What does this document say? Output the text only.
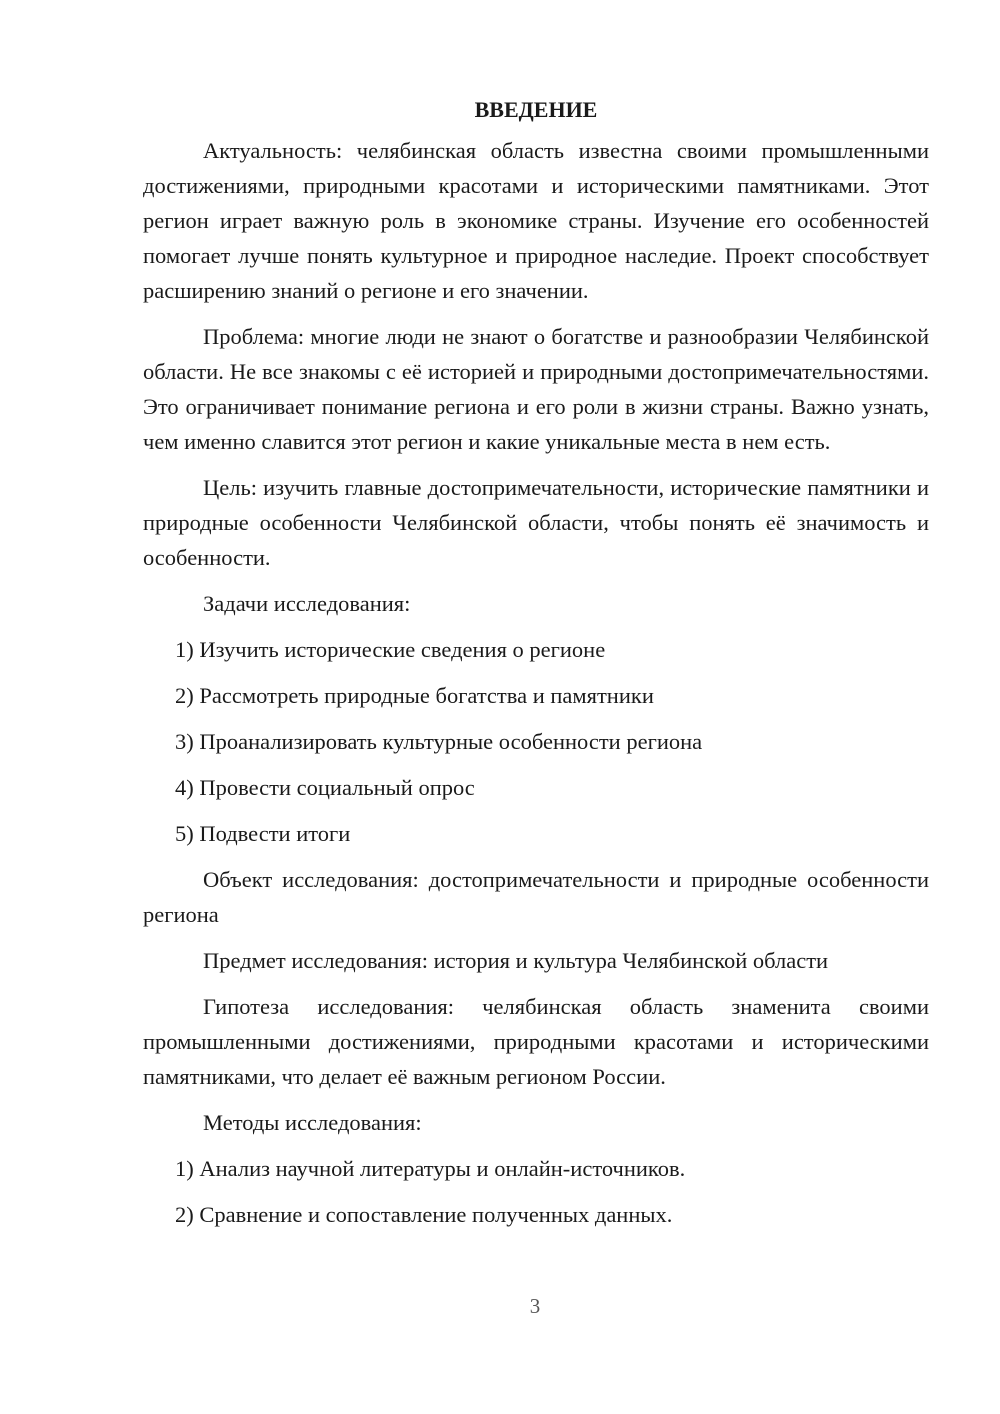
ВВЕДЕНИЕ

Актуальность: челябинская область известна своими промышленными достижениями, природными красотами и историческими памятниками. Этот регион играет важную роль в экономике страны. Изучение его особенностей помогает лучше понять культурное и природное наследие. Проект способствует расширению знаний о регионе и его значении.

Проблема: многие люди не знают о богатстве и разнообразии Челябинской области. Не все знакомы с её историей и природными достопримечательностями. Это ограничивает понимание региона и его роли в жизни страны. Важно узнать, чем именно славится этот регион и какие уникальные места в нем есть.

Цель: изучить главные достопримечательности, исторические памятники и природные особенности Челябинской области, чтобы понять её значимость и особенности.

Задачи исследования:

1) Изучить исторические сведения о регионе
2) Рассмотреть природные богатства и памятники
3) Проанализировать культурные особенности региона
4) Провести социальный опрос
5) Подвести итоги

Объект исследования: достопримечательности и природные особенности региона

Предмет исследования: история и культура Челябинской области

Гипотеза исследования: челябинская область знаменита своими промышленными достижениями, природными красотами и историческими памятниками, что делает её важным регионом России.

Методы исследования:

1) Анализ научной литературы и онлайн-источников.
2) Сравнение и сопоставление полученных данных.
3
